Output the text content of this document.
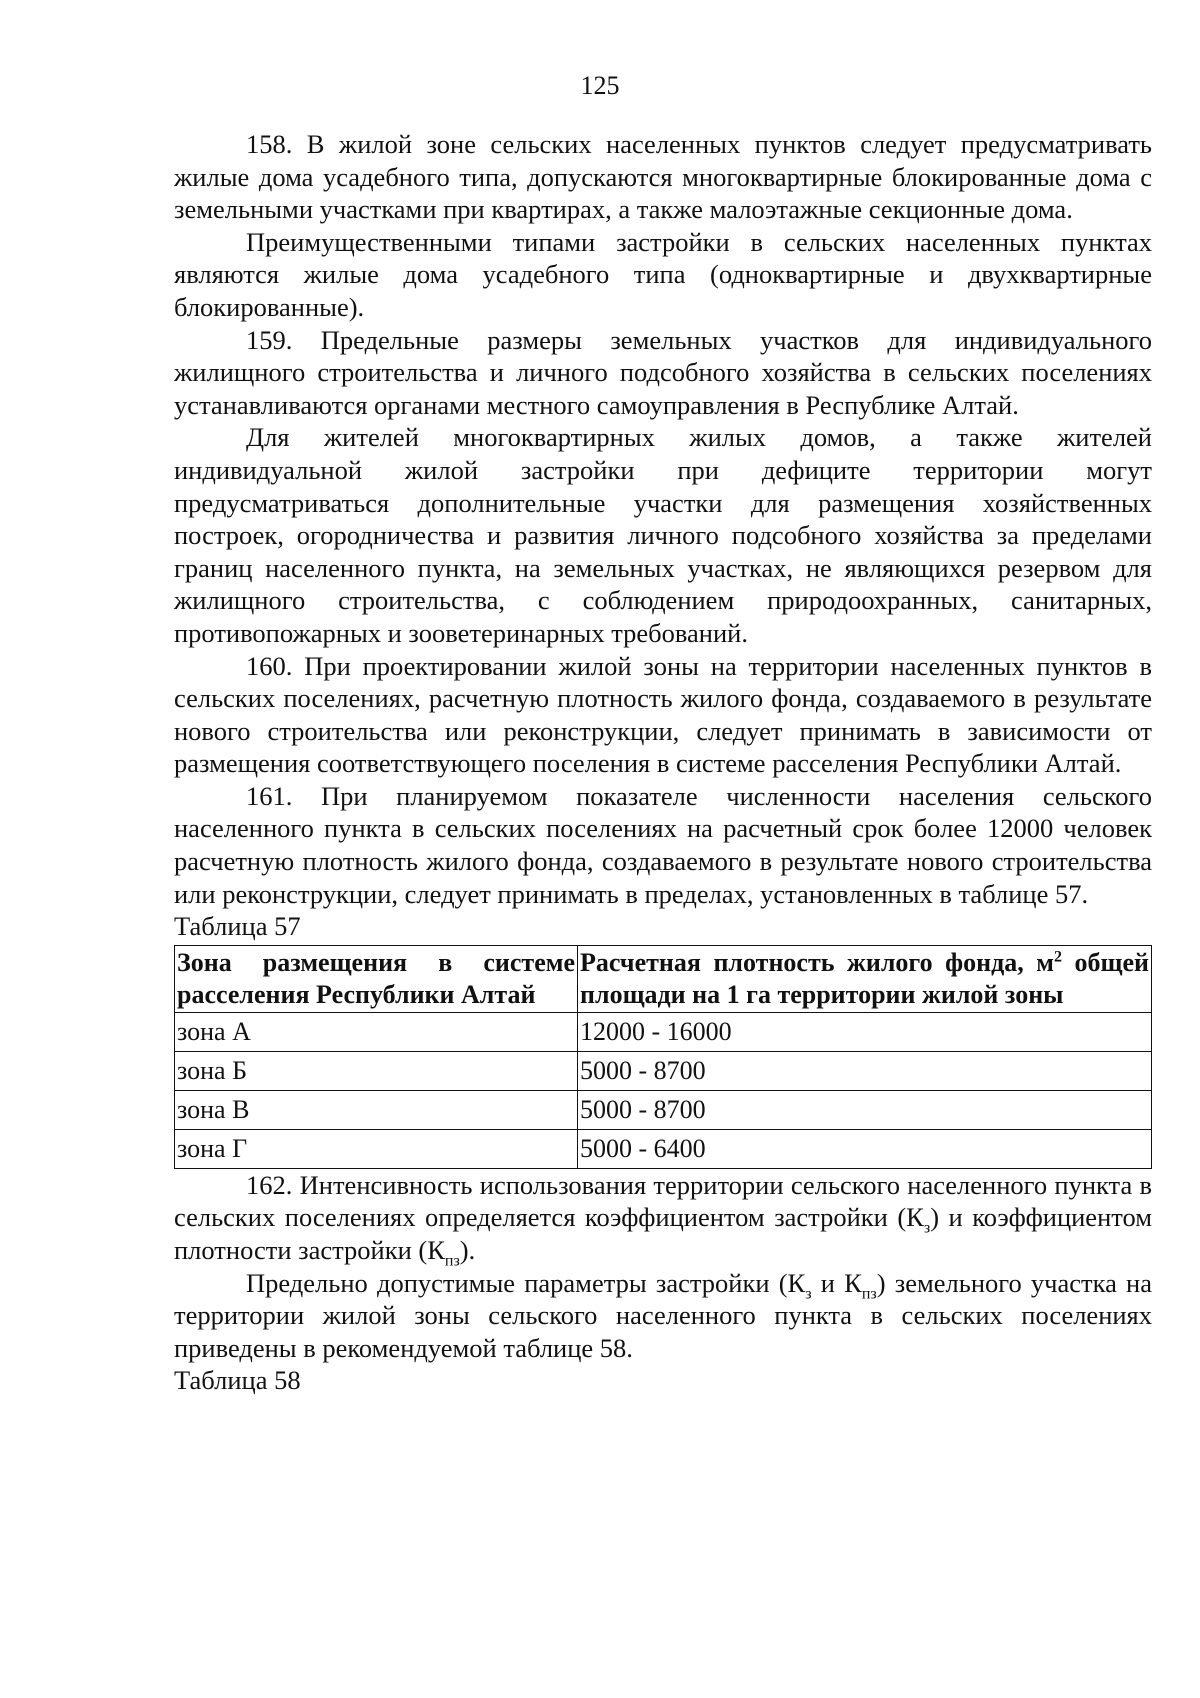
125

158. В жилой зоне сельских населенных пунктов следует предусматривать жилые дома усадебного типа, допускаются многоквартирные блокированные дома с земельными участками при квартирах, а также малоэтажные секционные дома.

Преимущественными типами застройки в сельских населенных пунктах являются жилые дома усадебного типа (одноквартирные и двухквартирные блокированные).

159. Предельные размеры земельных участков для индивидуального жилищного строительства и личного подсобного хозяйства в сельских поселениях устанавливаются органами местного самоуправления в Республике Алтай.

Для жителей многоквартирных жилых домов, а также жителей индивидуальной жилой застройки при дефиците территории могут предусматриваться дополнительные участки для размещения хозяйственных построек, огородничества и развития личного подсобного хозяйства за пределами границ населенного пункта, на земельных участках, не являющихся резервом для жилищного строительства, с соблюдением природоохранных, санитарных, противопожарных и зооветеринарных требований.

160. При проектировании жилой зоны на территории населенных пунктов в сельских поселениях, расчетную плотность жилого фонда, создаваемого в результате нового строительства или реконструкции, следует принимать в зависимости от размещения соответствующего поселения в системе расселения Республики Алтай.

161. При планируемом показателе численности населения сельского населенного пункта в сельских поселениях на расчетный срок более 12000 человек расчетную плотность жилого фонда, создаваемого в результате нового строительства или реконструкции, следует принимать в пределах, установленных в таблице 57.

Таблица 57

Зона размещения в системе расселения Республики Алтай	Расчетная плотность жилого фонда, $м^2$ общей площади на 1 га территории жилой зоны
зона А	12000 - 16000
зона Б	5000 - 8700
зона В	5000 - 8700
зона Г	5000 - 6400

162. Интенсивность использования территории сельского населенного пункта в сельских поселениях определяется коэффициентом застройки $(К_з)$ и коэффициентом плотности застройки $(К_{пз})$.

Предельно допустимые параметры застройки ($К_з$ и $К_{пз}$) земельного участка на территории жилой зоны сельского населенного пункта в сельских поселениях приведены в рекомендуемой таблице 58.

Таблица 58
